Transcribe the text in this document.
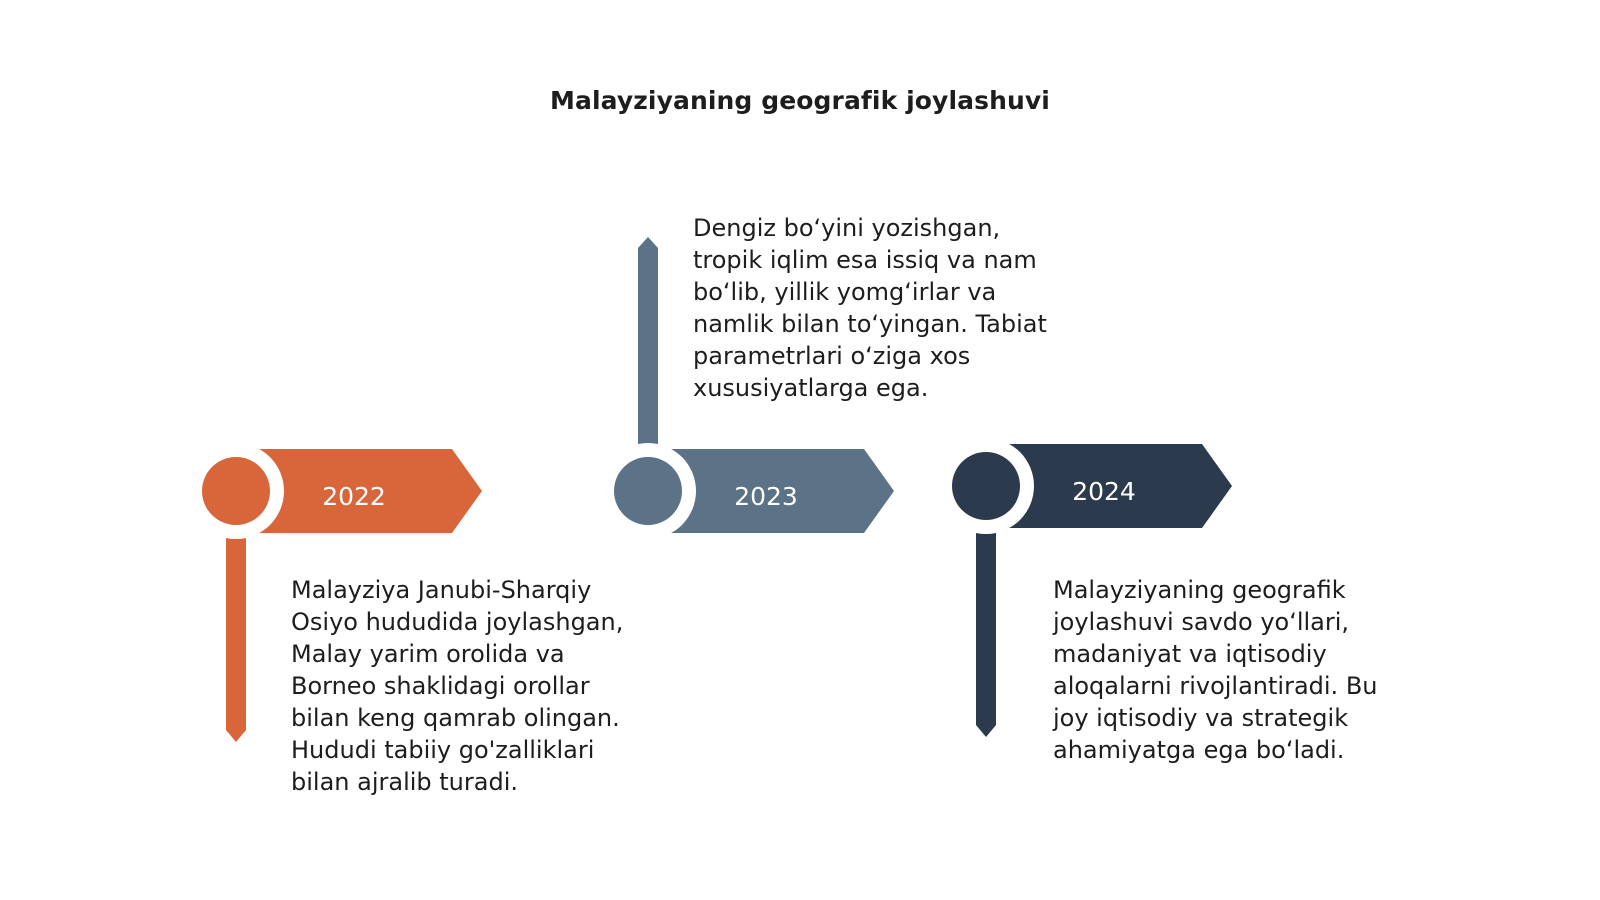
Malayziyaning geografik joylashuvi
2022	2023	2024

Malayziya Janubi-Sharqiy Osiyo hududida joylashgan, Malay yarim orolida va Borneo shaklidagi orollar bilan keng qamrab olingan. Hududi tabiiy go'zalliklari bilan ajralib turadi.

Dengiz bo‘yini yozishgan, tropik iqlim esa issiq va nam bo‘lib, yillik yomg‘irlar va namlik bilan to‘yingan. Tabiat parametrlari o‘ziga xos xususiyatlarga ega.

Malayziyaning geografik joylashuvi savdo yo‘llari, madaniyat va iqtisodiy aloqalarni rivojlantiradi. Bu joy iqtisodiy va strategik ahamiyatga ega bo‘ladi.
